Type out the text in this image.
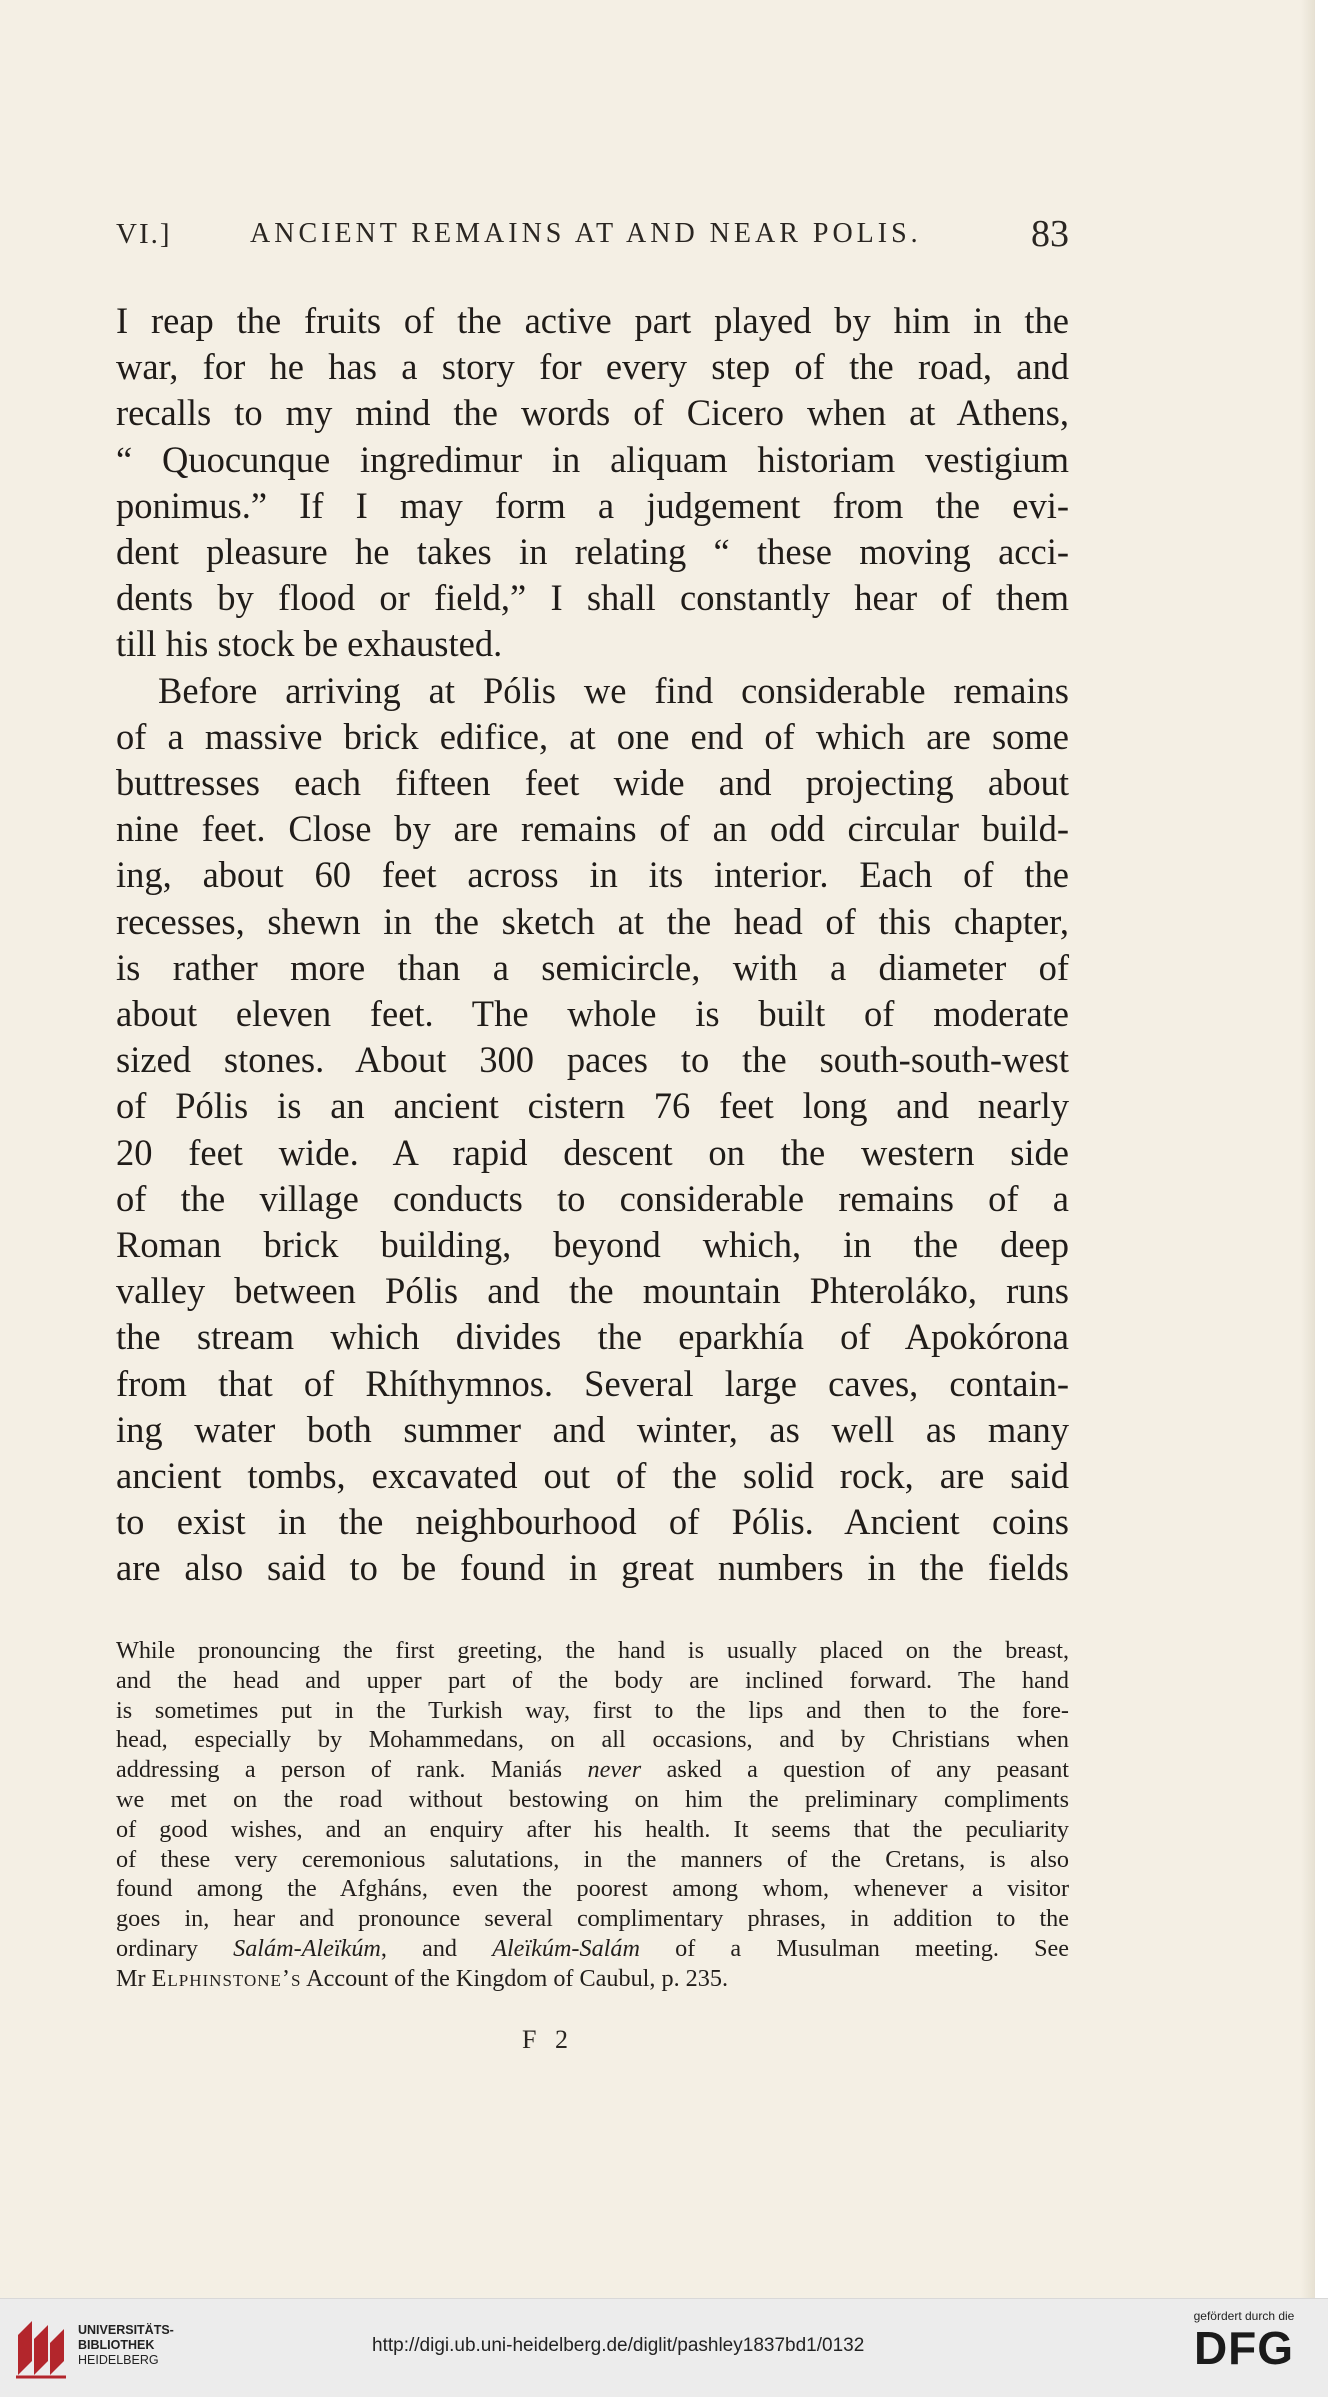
VI.]	ANCIENT REMAINS AT AND NEAR POLIS.	83

I reap the fruits of the active part played by him in the
war, for he has a story for every step of the road, and
recalls to my mind the words of Cicero when at Athens,
“ Quocunque ingredimur in aliquam historiam vestigium
ponimus.” If I may form a judgement from the evi-
dent pleasure he takes in relating “ these moving acci-
dents by flood or field,” I shall constantly hear of them
till his stock be exhausted.

Before arriving at Pólis we find considerable remains
of a massive brick edifice, at one end of which are some
buttresses each fifteen feet wide and projecting about
nine feet. Close by are remains of an odd circular build-
ing, about 60 feet across in its interior. Each of the
recesses, shewn in the sketch at the head of this chapter,
is rather more than a semicircle, with a diameter of
about eleven feet. The whole is built of moderate
sized stones. About 300 paces to the south-south-west
of Pólis is an ancient cistern 76 feet long and nearly
20 feet wide. A rapid descent on the western side
of the village conducts to considerable remains of a
Roman brick building, beyond which, in the deep
valley between Pólis and the mountain Phteroláko, runs
the stream which divides the eparkhía of Apokórona
from that of Rhíthymnos. Several large caves, contain-
ing water both summer and winter, as well as many
ancient tombs, excavated out of the solid rock, are said
to exist in the neighbourhood of Pólis. Ancient coins
are also said to be found in great numbers in the fields

While pronouncing the first greeting, the hand is usually placed on the breast,
and the head and upper part of the body are inclined forward. The hand
is sometimes put in the Turkish way, first to the lips and then to the fore-
head, especially by Mohammedans, on all occasions, and by Christians when
addressing a person of rank. Maniás never asked a question of any peasant
we met on the road without bestowing on him the preliminary compliments
of good wishes, and an enquiry after his health. It seems that the peculiarity
of these very ceremonious salutations, in the manners of the Cretans, is also
found among the Afgháns, even the poorest among whom, whenever a visitor
goes in, hear and pronounce several complimentary phrases, in addition to the
ordinary Salám-Aleïkúm, and Aleïkúm-Salám of a Musulman meeting. See
Mr Elphinstone’s Account of the Kingdom of Caubul, p. 235.
F 2
UNIVERSITÄTS-
BIBLIOTHEK
HEIDELBERG
http://digi.ub.uni-heidelberg.de/diglit/pashley1837bd1/0132
gefördert durch die
DFG
